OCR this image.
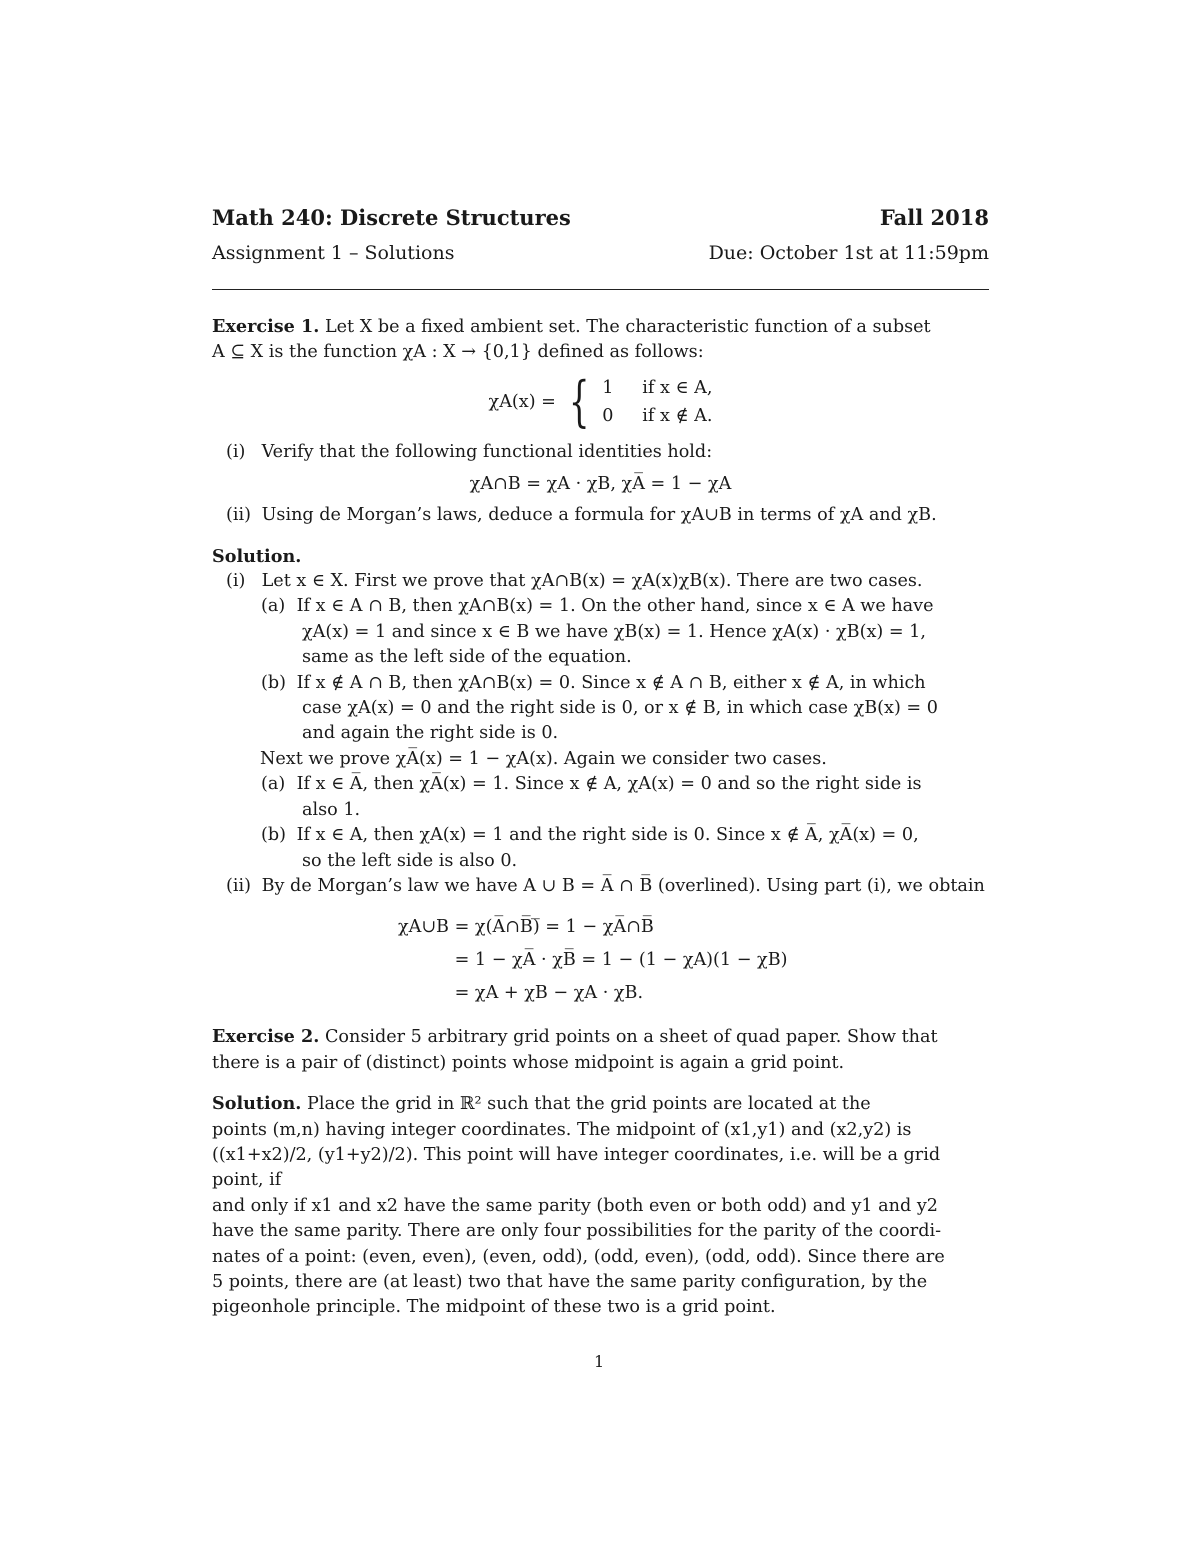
Math 240: Discrete Structures	Fall 2018
Assignment 1 – Solutions	Due: October 1st at 11:59pm

Exercise 1. Let X be a fixed ambient set. The characteristic function of a subset

A ⊆ X is the function χA : X → {0,1} defined as follows:

χA(x) = { 1 if x ∈ A,
0 if x ∉ A.

(i) Verify that the following functional identities hold:

χA∩B = χA · χB, χA̅ = 1 − χA

(ii) Using de Morgan’s laws, deduce a formula for χA∪B in terms of χA and χB.

Solution.

(i) Let x ∈ X. First we prove that χA∩B(x) = χA(x)χB(x). There are two cases.

(a) If x ∈ A ∩ B, then χA∩B(x) = 1. On the other hand, since x ∈ A we have

χA(x) = 1 and since x ∈ B we have χB(x) = 1. Hence χA(x) · χB(x) = 1,

same as the left side of the equation.

(b) If x ∉ A ∩ B, then χA∩B(x) = 0. Since x ∉ A ∩ B, either x ∉ A, in which

case χA(x) = 0 and the right side is 0, or x ∉ B, in which case χB(x) = 0

and again the right side is 0.

Next we prove χA̅(x) = 1 − χA(x). Again we consider two cases.

(a) If x ∈ A̅, then χA̅(x) = 1. Since x ∉ A, χA(x) = 0 and so the right side is

also 1.

(b) If x ∈ A, then χA(x) = 1 and the right side is 0. Since x ∉ A̅, χA̅(x) = 0,

so the left side is also 0.

(ii) By de Morgan’s law we have A ∪ B = A̅ ∩ B̅ (overlined). Using part (i), we obtain

χA∪B = χ(A̅∩B̅)̅ = 1 − χA̅∩B̅
= 1 − χA̅ · χB̅ = 1 − (1 − χA)(1 − χB)
= χA + χB − χA · χB.

Exercise 2. Consider 5 arbitrary grid points on a sheet of quad paper. Show that

there is a pair of (distinct) points whose midpoint is again a grid point.

Solution. Place the grid in ℝ² such that the grid points are located at the

points (m,n) having integer coordinates. The midpoint of (x1,y1) and (x2,y2) is

((x1+x2)/2, (y1+y2)/2). This point will have integer coordinates, i.e. will be a grid point, if

and only if x1 and x2 have the same parity (both even or both odd) and y1 and y2

have the same parity. There are only four possibilities for the parity of the coordi-

nates of a point: (even, even), (even, odd), (odd, even), (odd, odd). Since there are

5 points, there are (at least) two that have the same parity configuration, by the

pigeonhole principle. The midpoint of these two is a grid point.

1
